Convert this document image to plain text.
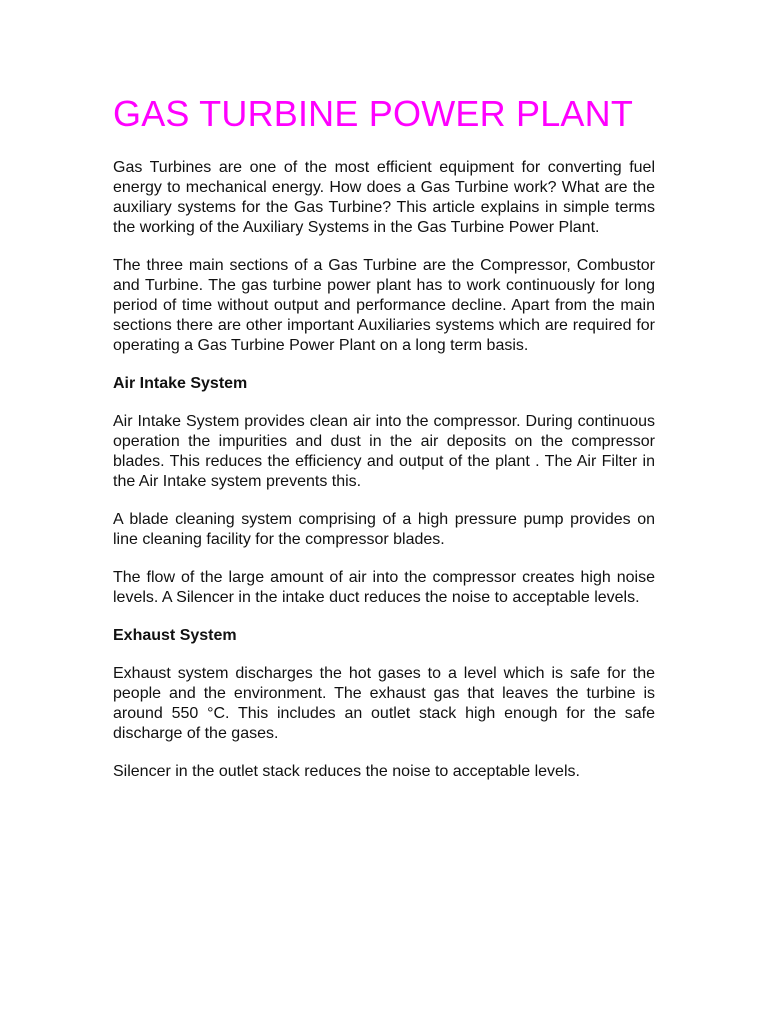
GAS TURBINE POWER PLANT

Gas Turbines are one of the most efficient equipment for converting fuel energy to mechanical energy. How does a Gas Turbine work? What are the auxiliary systems for the Gas Turbine? This article explains in simple terms the working of the Auxiliary Systems in the Gas Turbine Power Plant.

The three main sections of a Gas Turbine are the Compressor, Combustor and Turbine. The gas turbine power plant has to work continuously for long period of time without output and performance decline. Apart from the main sections there are other important Auxiliaries systems which are required for operating a Gas Turbine Power Plant on a long term basis.

Air Intake System

Air Intake System provides clean air into the compressor. During continuous operation the impurities and dust in the air deposits on the compressor blades. This reduces the efficiency and output of the plant . The Air Filter in the Air Intake system prevents this.

A blade cleaning system comprising of a high pressure pump provides on line cleaning facility for the compressor blades.

The flow of the large amount of air into the compressor creates high noise levels. A Silencer in the intake duct reduces the noise to acceptable levels.

Exhaust System

Exhaust system discharges the hot gases to a level which is safe for the people and the environment. The exhaust gas that leaves the turbine is around 550 °C. This includes an outlet stack high enough for the safe discharge of the gases.

Silencer in the outlet stack reduces the noise to acceptable levels.
